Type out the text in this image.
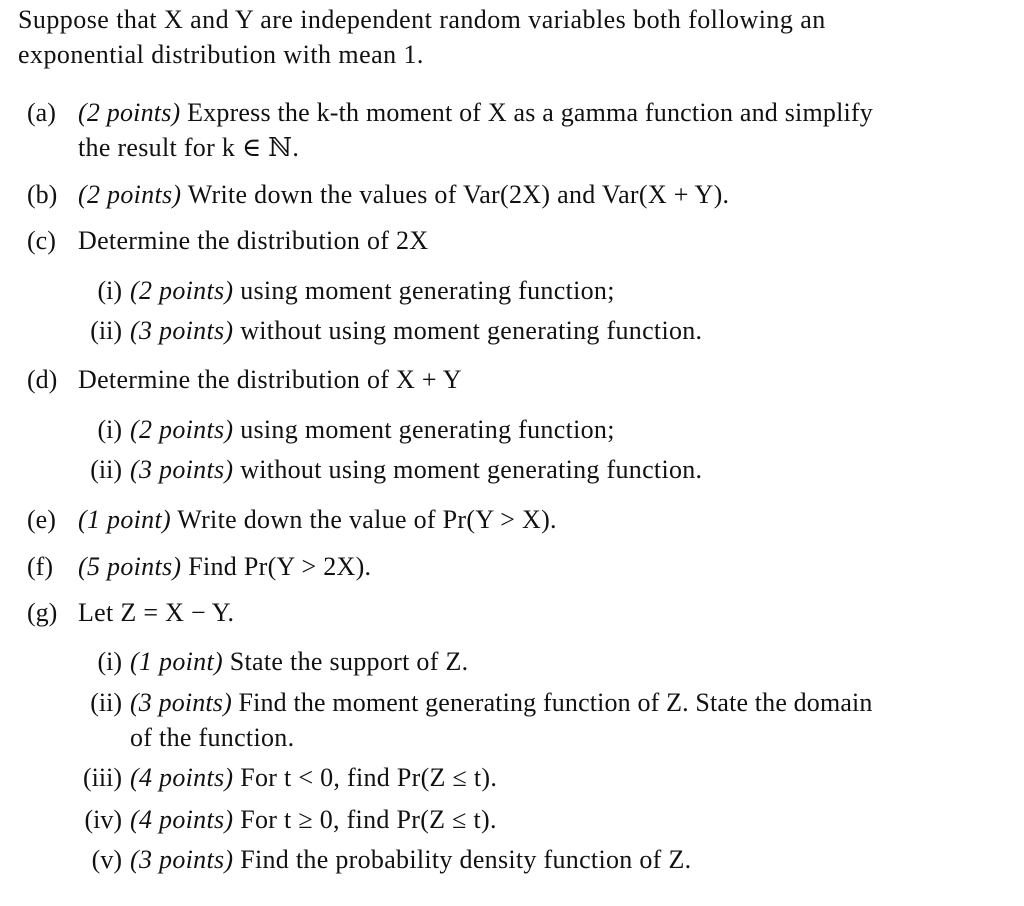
Suppose that X and Y are independent random variables both following an
exponential distribution with mean 1.
(a) (2 points) Express the k-th moment of X as a gamma function and simplify
the result for k ∈ ℕ.
(b) (2 points) Write down the values of Var(2X) and Var(X + Y).
(c) Determine the distribution of 2X
(i) (2 points) using moment generating function;
(ii) (3 points) without using moment generating function.
(d) Determine the distribution of X + Y
(i) (2 points) using moment generating function;
(ii) (3 points) without using moment generating function.
(e) (1 point) Write down the value of Pr(Y > X).
(f) (5 points) Find Pr(Y > 2X).
(g) Let Z = X − Y.
(i) (1 point) State the support of Z.
(ii) (3 points) Find the moment generating function of Z. State the domain
of the function.
(iii) (4 points) For t < 0, find Pr(Z ≤ t).
(iv) (4 points) For t ≥ 0, find Pr(Z ≤ t).
(v) (3 points) Find the probability density function of Z.
